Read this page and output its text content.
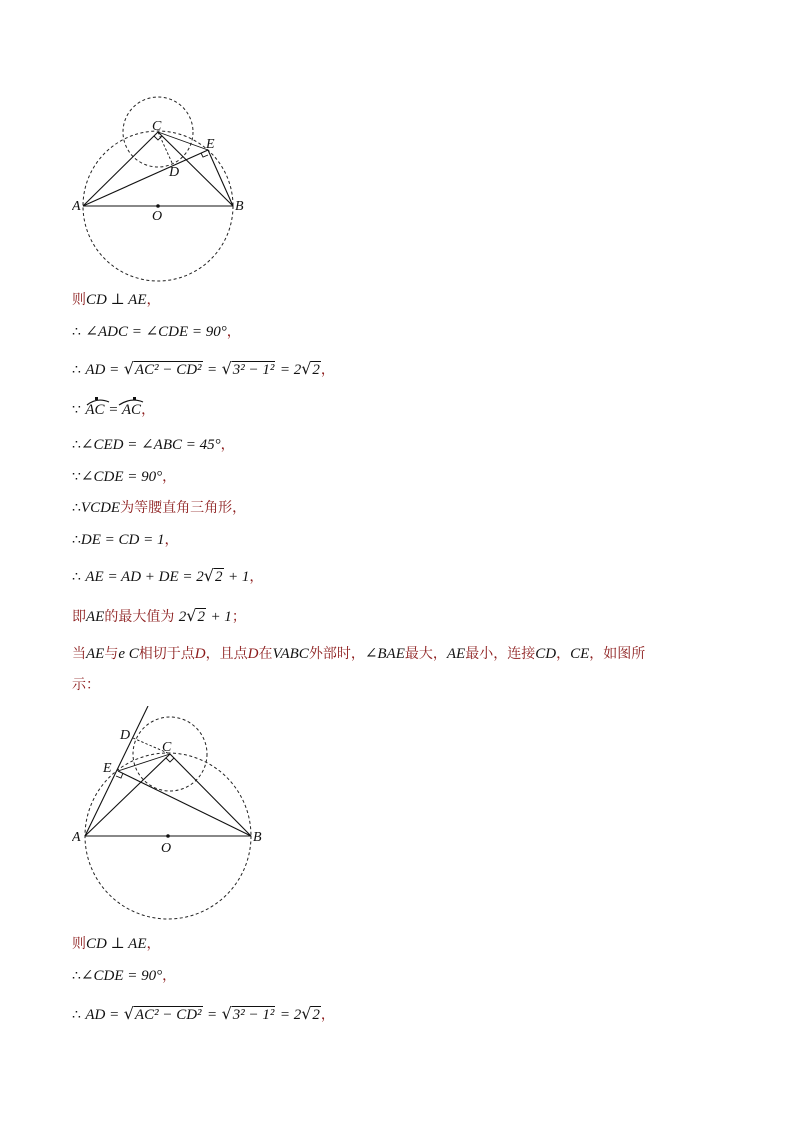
A	B
C
D
E
O
则CD ⊥ AE，
∴ ∠ADC = ∠CDE = 90°，
∴ AD = √AC² − CD² = √3² − 1² = 2√2，
∵ AC = AC，
∴∠CED = ∠ABC = 45°，
∵∠CDE = 90°，
∴VCDE为等腰直角三角形，
∴DE = CD = 1，
∴ AE = AD + DE = 2√2 + 1，
即AE的最大值为 2√2 + 1；
当AE与e C相切于点D，且点D在VABC外部时，∠BAE最大，AE最小，连接CD，CE，如图所
示：
A	B
C
D
E
O
则CD ⊥ AE，
∴∠CDE = 90°，
∴ AD = √AC² − CD² = √3² − 1² = 2√2，
